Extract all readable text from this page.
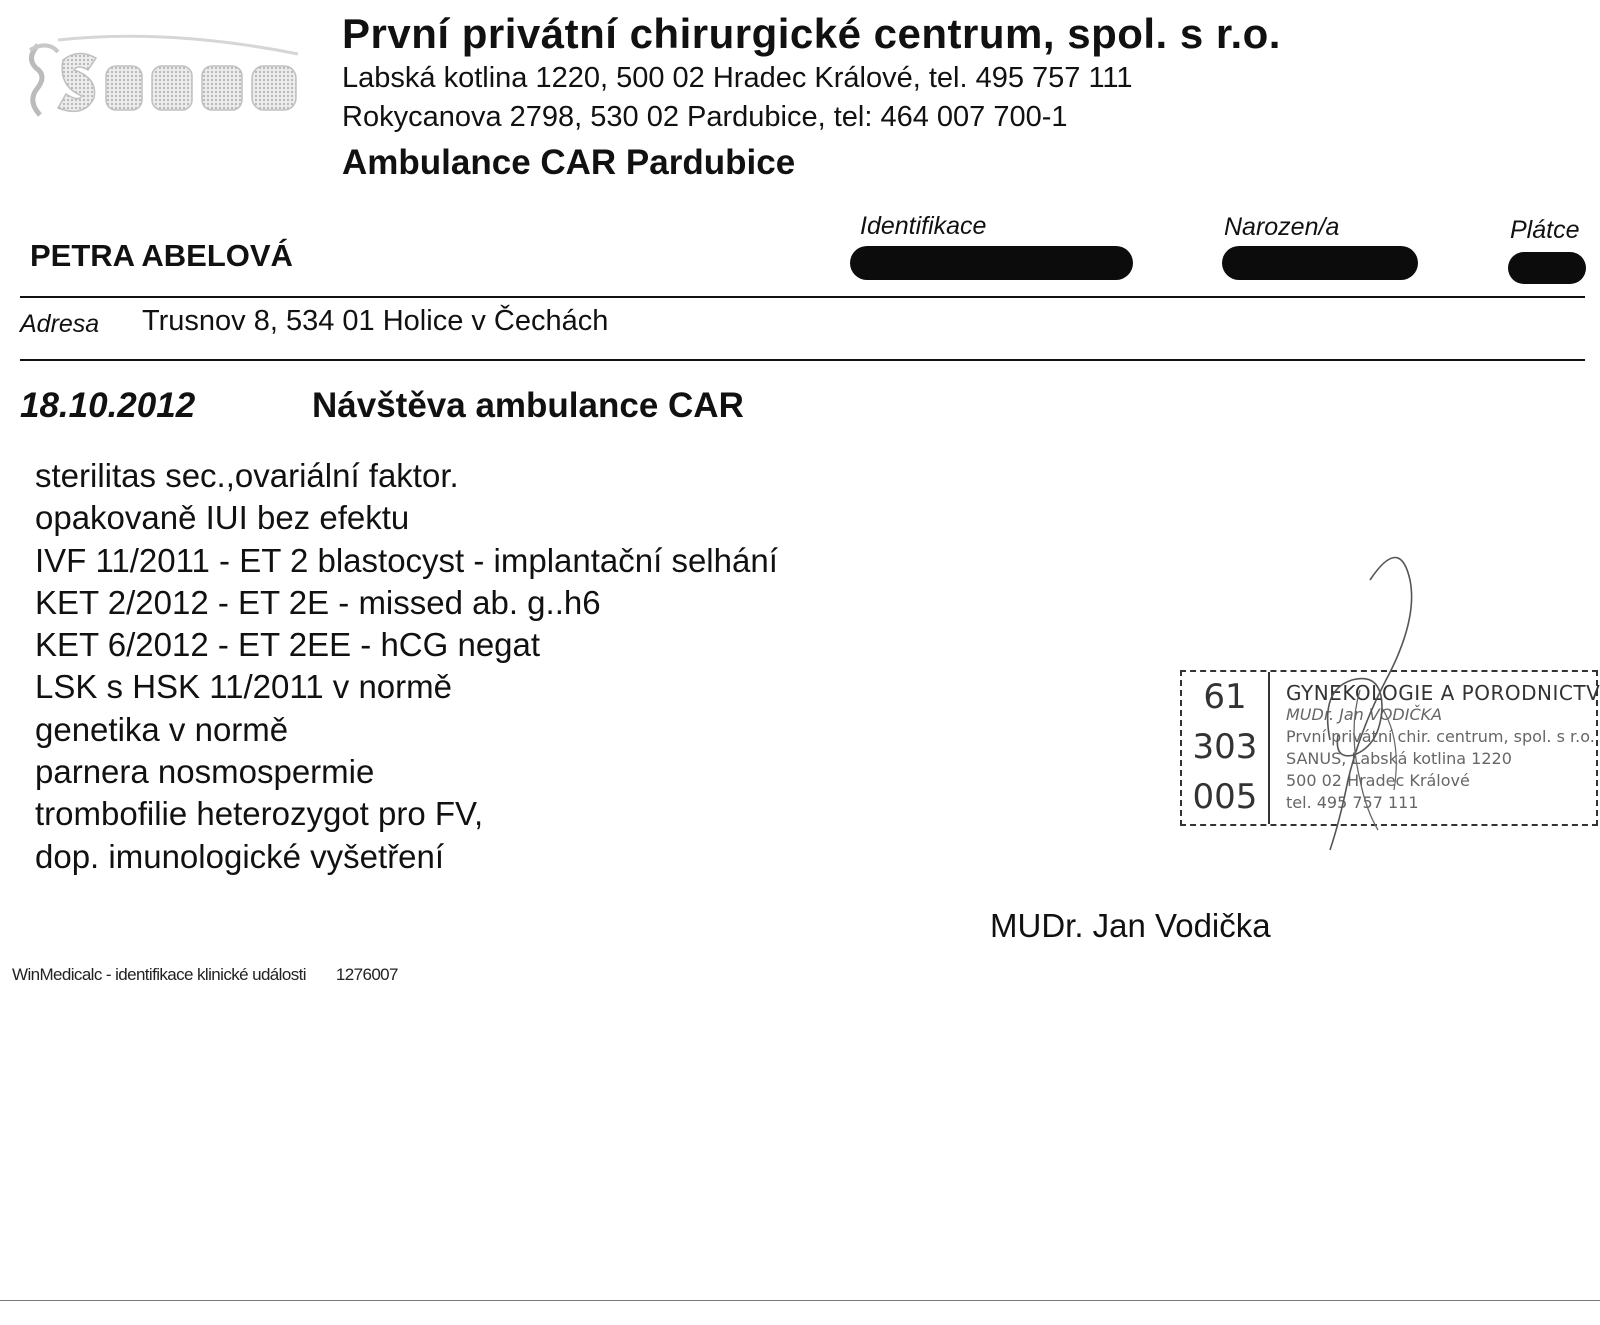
První privátní chirurgické centrum, spol. s r.o.
Labská kotlina 1220, 500 02 Hradec Králové, tel. 495 757 111
Rokycanova 2798, 530 02 Pardubice, tel: 464 007 700-1
Ambulance CAR Pardubice
Identifikace	Narozen/a	Plátce
PETRA ABELOVÁ
Adresa Trusnov 8, 534 01 Holice v Čechách
18.10.2012	Návštěva ambulance CAR
sterilitas sec.,ovariální faktor.
opakovaně IUI bez efektu
IVF 11/2011 - ET 2 blastocyst - implantační selhání
KET 2/2012 - ET 2E - missed ab. g..h6
KET 6/2012 - ET 2EE - hCG negat
LSK s HSK 11/2011 v normě
genetika v normě
parnera nosmospermie
trombofilie heterozygot pro FV,
dop. imunologické vyšetření
61
303
005
GYNEKOLOGIE A PORODNICTV
MUDr. Jan VODIČKA
První privátní chir. centrum, spol. s r.o.
SANUS, Labská kotlina 1220
500 02 Hradec Králové
tel. 495 757 111
MUDr. Jan Vodička
WinMedicalc - identifikace klinické události 1276007
